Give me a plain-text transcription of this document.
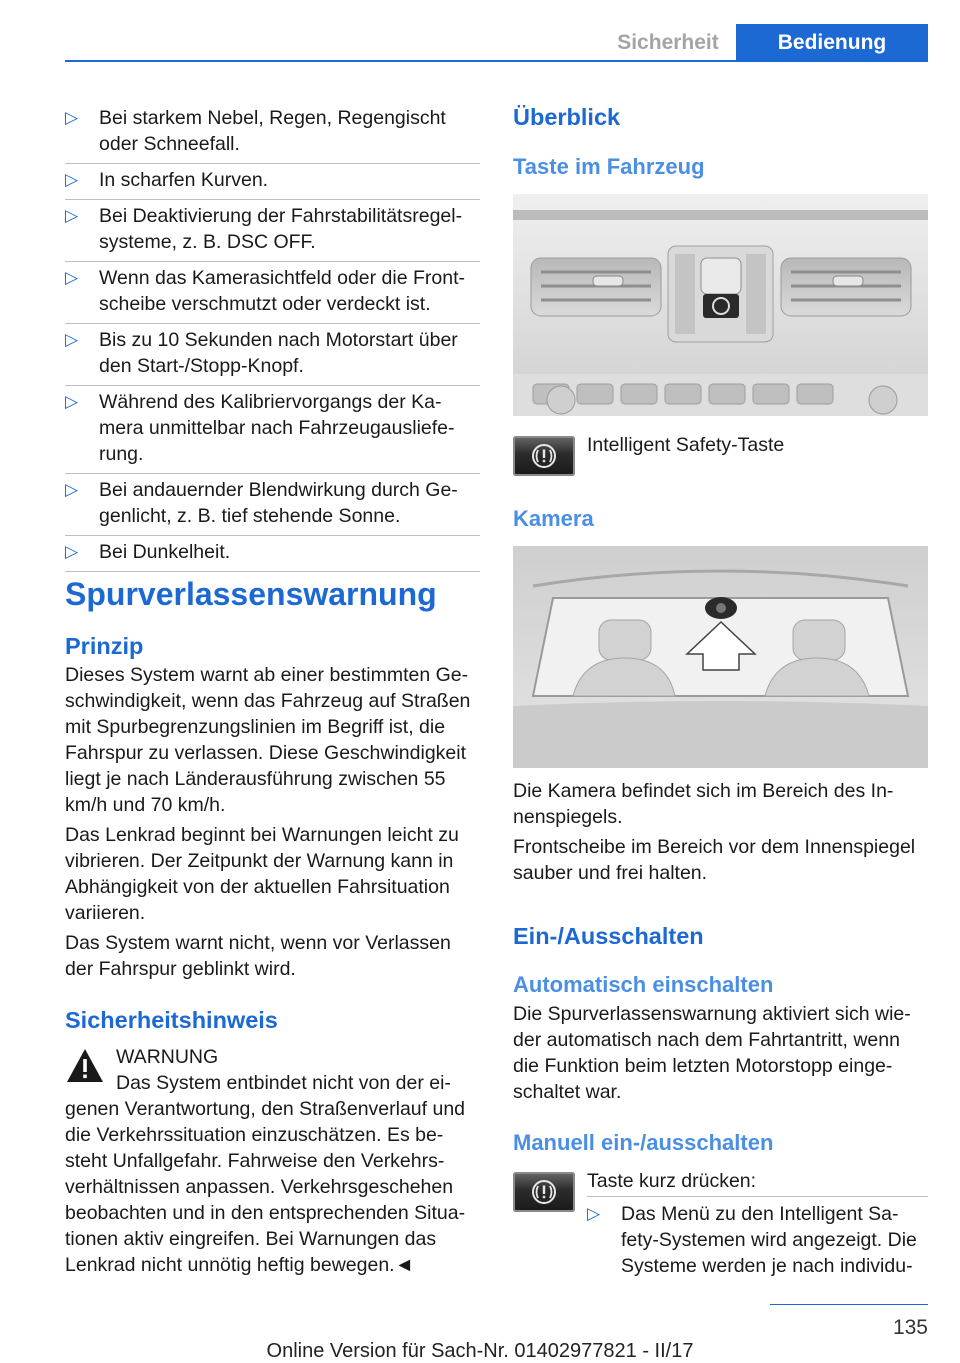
Sicherheit	Bedienung
▷ Bei starkem Nebel, Regen, Regengischt oder Schneefall.
▷ In scharfen Kurven.
▷ Bei Deaktivierung der Fahrstabilitätsregel-systeme, z. B. DSC OFF.
▷ Wenn das Kamerasichtfeld oder die Front-scheibe verschmutzt oder verdeckt ist.
▷ Bis zu 10 Sekunden nach Motorstart über den Start-/Stopp-Knopf.
▷ Während des Kalibriervorgangs der Ka-mera unmittelbar nach Fahrzeugausliefe-rung.
▷ Bei andauernder Blendwirkung durch Ge-genlicht, z. B. tief stehende Sonne.
▷ Bei Dunkelheit.
Spurverlassenswarnung
Prinzip

Dieses System warnt ab einer bestimmten Ge-schwindigkeit, wenn das Fahrzeug auf Straßen mit Spurbegrenzungslinien im Begriff ist, die Fahrspur zu verlassen. Diese Geschwindigkeit liegt je nach Länderausführung zwischen 55 km/h und 70 km/h.

Das Lenkrad beginnt bei Warnungen leicht zu vibrieren. Der Zeitpunkt der Warnung kann in Abhängigkeit von der aktuellen Fahrsituation variieren.

Das System warnt nicht, wenn vor Verlassen der Fahrspur geblinkt wird.

Sicherheitshinweis
WARNUNG
Das System entbindet nicht von der ei-genen Verantwortung, den Straßenverlauf und die Verkehrssituation einzuschätzen. Es be-steht Unfallgefahr. Fahrweise den Verkehrs-verhältnissen anpassen. Verkehrsgeschehen beobachten und in den entsprechenden Situa-tionen aktiv eingreifen. Bei Warnungen das Lenkrad nicht unnötig heftig bewegen.◄
Überblick
Taste im Fahrzeug
Intelligent Safety-Taste
Kamera

Die Kamera befindet sich im Bereich des In-nenspiegels.

Frontscheibe im Bereich vor dem Innenspiegel sauber und frei halten.

Ein-/Ausschalten
Automatisch einschalten

Die Spurverlassenswarnung aktiviert sich wie-der automatisch nach dem Fahrtantritt, wenn die Funktion beim letzten Motorstopp einge-schaltet war.

Manuell ein-/ausschalten
Taste kurz drücken:
▷ Das Menü zu den Intelligent Sa-fety-Systemen wird angezeigt. Die Systeme werden je nach individu-
135
Online Version für Sach-Nr. 01402977821 - II/17
